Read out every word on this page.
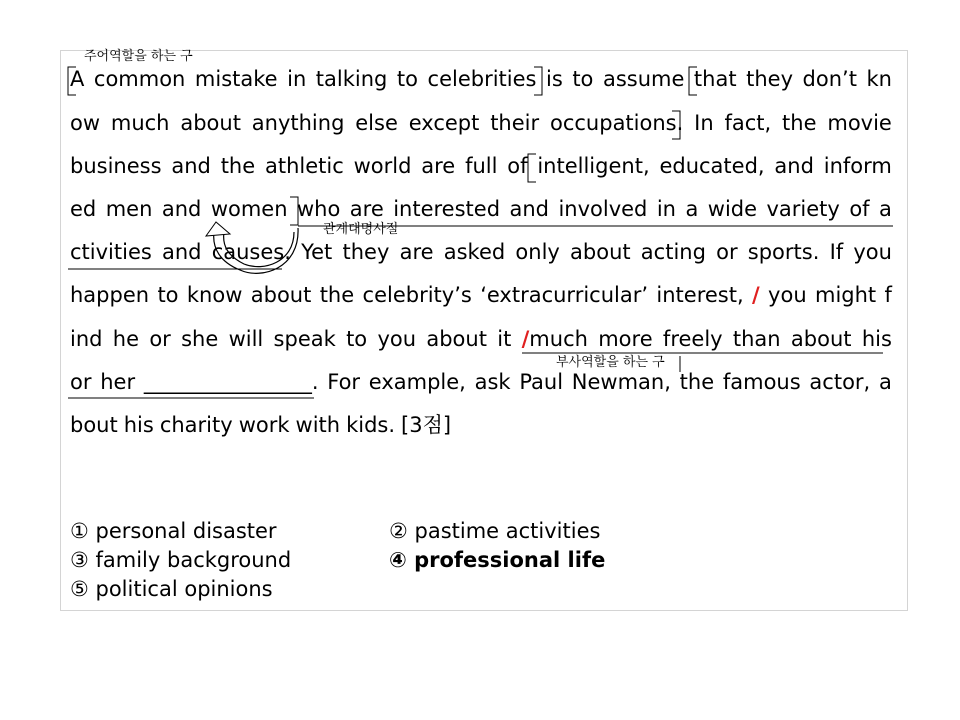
A common mistake in talking to celebrities is to assume that they don’t kn
ow much about anything else except their occupations. In fact, the movie
business and the athletic world are full of intelligent, educated, and inform
ed men and women who are interested and involved in a wide variety of a
ctivities and causes. Yet they are asked only about acting or sports. If you
happen to know about the celebrity’s ‘extracurricular’ interest, / you might f
ind he or she will speak to you about it /much more freely than about his
or her ________________. For example, ask Paul Newman, the famous actor, a
bout his charity work with kids. [3점]
주어역할을 하는 구
관계대명사절
부사역할을 하는 구
① personal disaster	② pastime activities
③ family background	④ professional life
⑤ political opinions
